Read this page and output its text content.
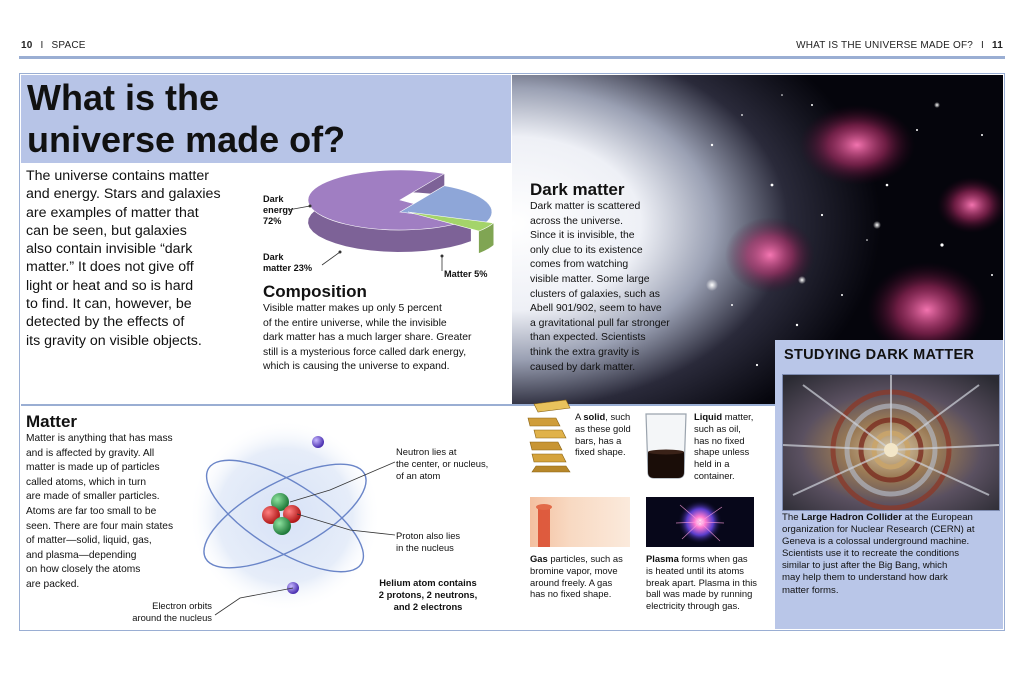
10 I SPACE	WHAT IS THE UNIVERSE MADE OF? I 11
What is the
universe made of?
The universe contains matter
and energy. Stars and galaxies
are examples of matter that
can be seen, but galaxies
also contain invisible “dark
matter.” It does not give off
light or heat and so is hard
to find. It can, however, be
detected by the effects of
its gravity on visible objects.
Dark
energy
72%
Dark
matter 23%
Matter 5%
Composition
Visible matter makes up only 5 percent
of the entire universe, while the invisible
dark matter has a much larger share. Greater
still is a mysterious force called dark energy,
which is causing the universe to expand.
Dark matter
Dark matter is scattered
across the universe.
Since it is invisible, the
only clue to its existence
comes from watching
visible matter. Some large
clusters of galaxies, such as
Abell 901/902, seem to have
a gravitational pull far stronger
than expected. Scientists
think the extra gravity is
caused by dark matter.
STUDYING DARK MATTER
The Large Hadron Collider at the European
organization for Nuclear Research (CERN) at
Geneva is a colossal underground machine.
Scientists use it to recreate the conditions
similar to just after the Big Bang, which
may help them to understand how dark
matter forms.
Matter
Matter is anything that has mass
and is affected by gravity. All
matter is made up of particles
called atoms, which in turn
are made of smaller particles.
Atoms are far too small to be
seen. There are four main states
of matter—solid, liquid, gas,
and plasma—depending
on how closely the atoms
are packed.
Neutron lies at
the center, or nucleus,
of an atom
Proton also lies
in the nucleus
Electron orbits
around the nucleus
Helium atom contains
2 protons, 2 neutrons,
and 2 electrons
A solid, such
as these gold
bars, has a
fixed shape.
Liquid matter,
such as oil,
has no fixed
shape unless
held in a
container.
Gas particles, such as
bromine vapor, move
around freely. A gas
has no fixed shape.
Plasma forms when gas
is heated until its atoms
break apart. Plasma in this
ball was made by running
electricity through gas.
